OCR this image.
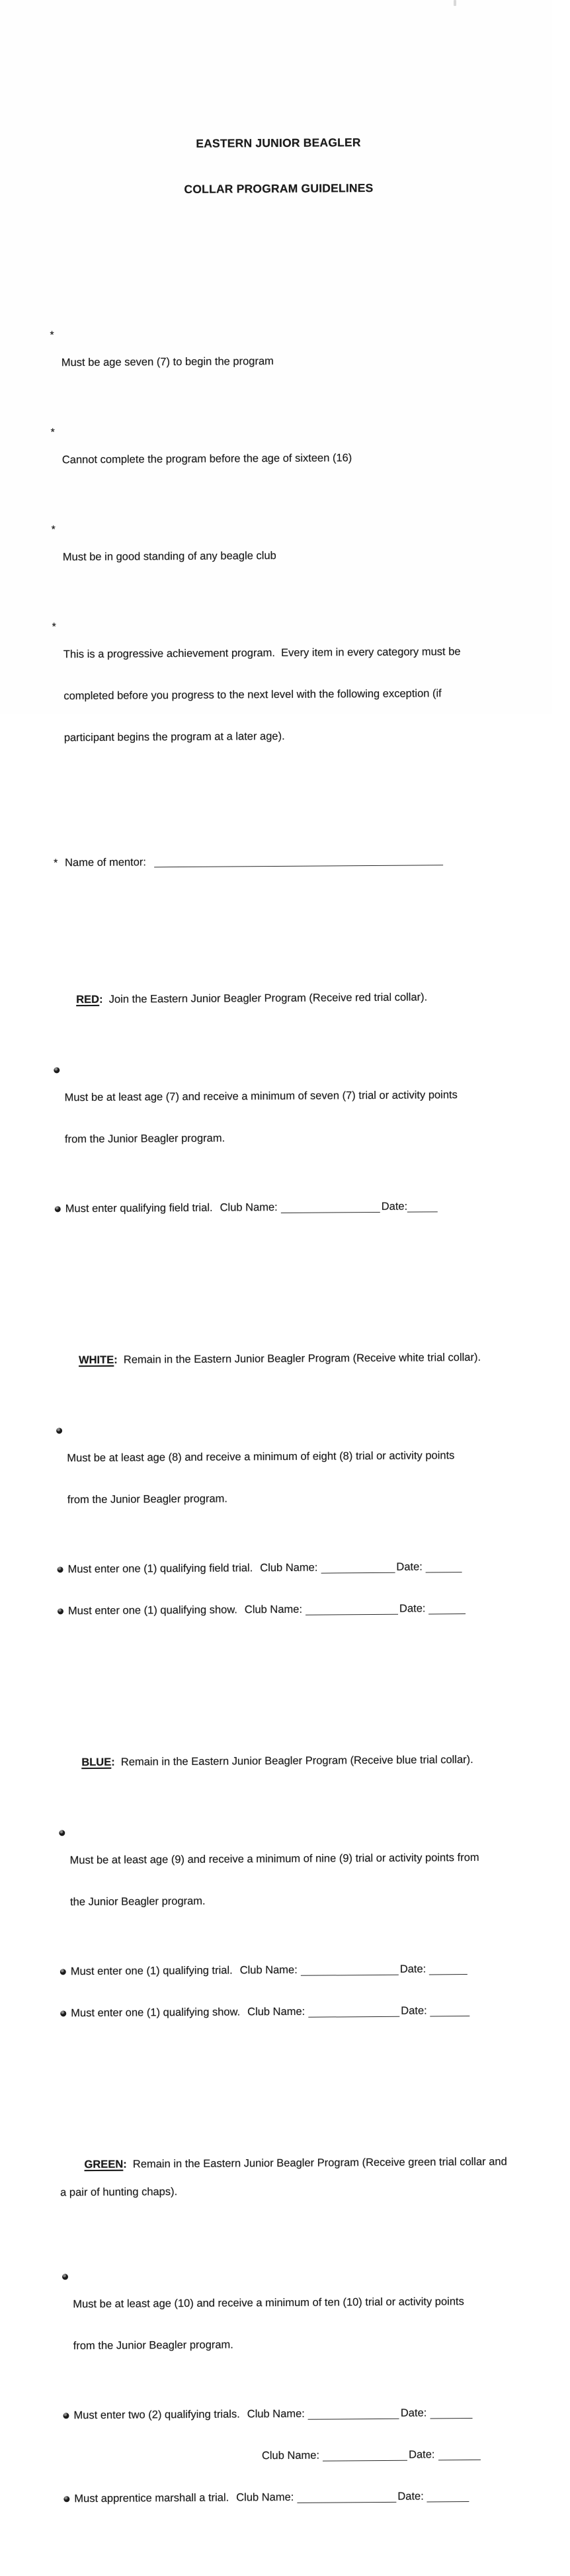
EASTERN JUNIOR BEAGLER

COLLAR PROGRAM GUIDELINES

*

Must be age seven (7) to begin the program

*

Cannot complete the program before the age of sixteen (16)

*

Must be in good standing of any beagle club

*

This is a progressive achievement program.  Every item in every category must be

completed before you progress to the next level with the following exception (if

participant begins the program at a later age).

* Name of mentor:

RED: Join the Eastern Junior Beagler Program (Receive red trial collar).

Must be at least age (7) and receive a minimum of seven (7) trial or activity points

from the Junior Beagler program.

Must enter qualifying field trial. Club Name:	Date:

WHITE: Remain in the Eastern Junior Beagler Program (Receive white trial collar).

Must be at least age (8) and receive a minimum of eight (8) trial or activity points

from the Junior Beagler program.

Must enter one (1) qualifying field trial. Club Name:	Date:

Must enter one (1) qualifying show. Club Name:	Date:

BLUE: Remain in the Eastern Junior Beagler Program (Receive blue trial collar).

Must be at least age (9) and receive a minimum of nine (9) trial or activity points from

the Junior Beagler program.

Must enter one (1) qualifying trial. Club Name:	Date:

Must enter one (1) qualifying show. Club Name:	Date:

GREEN: Remain in the Eastern Junior Beagler Program (Receive green trial collar and

a pair of hunting chaps).

Must be at least age (10) and receive a minimum of ten (10) trial or activity points

from the Junior Beagler program.

Must enter two (2) qualifying trials. Club Name:	Date:

Club Name:	Date:

Must apprentice marshall a trial. Club Name:	Date:
